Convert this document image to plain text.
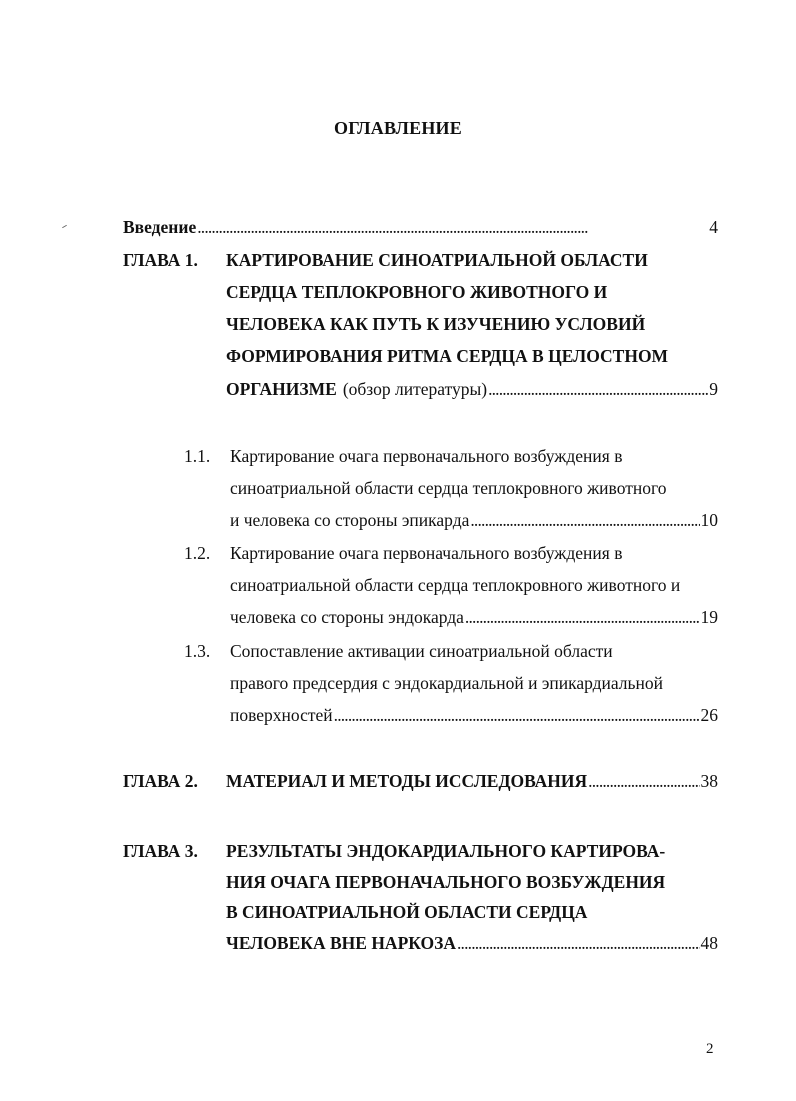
ОГЛАВЛЕНИЕ
Введение . . .	4
ГЛАВА 1. КАРТИРОВАНИЕ СИНОАТРИАЛЬНОЙ ОБЛАСТИ
СЕРДЦА ТЕПЛОКРОВНОГО ЖИВОТНОГО И
ЧЕЛОВЕКА КАК ПУТЬ К ИЗУЧЕНИЮ УСЛОВИЙ
ФОРМИРОВАНИЯ РИТМА СЕРДЦА В ЦЕЛОСТНОМ
ОРГАНИЗМЕ (обзор литературы) . . .	9
1.1. Картирование очага первоначального возбуждения в
синоатриальной области сердца теплокровного животного
и человека со стороны эпикарда . . .	10
1.2. Картирование очага первоначального возбуждения в
синоатриальной области сердца теплокровного животного и
человека со стороны эндокарда . . .	19
1.3. Сопоставление активации синоатриальной области
правого предсердия с эндокардиальной и эпикардиальной
поверхностей . . .	26
ГЛАВА 2. МАТЕРИАЛ И МЕТОДЫ ИССЛЕДОВАНИЯ . . .	38
ГЛАВА 3. РЕЗУЛЬТАТЫ ЭНДОКАРДИАЛЬНОГО КАРТИРОВА-
НИЯ ОЧАГА ПЕРВОНАЧАЛЬНОГО ВОЗБУЖДЕНИЯ
В СИНОАТРИАЛЬНОЙ ОБЛАСТИ СЕРДЦА
ЧЕЛОВЕКА ВНЕ НАРКОЗА . . .	48
2
